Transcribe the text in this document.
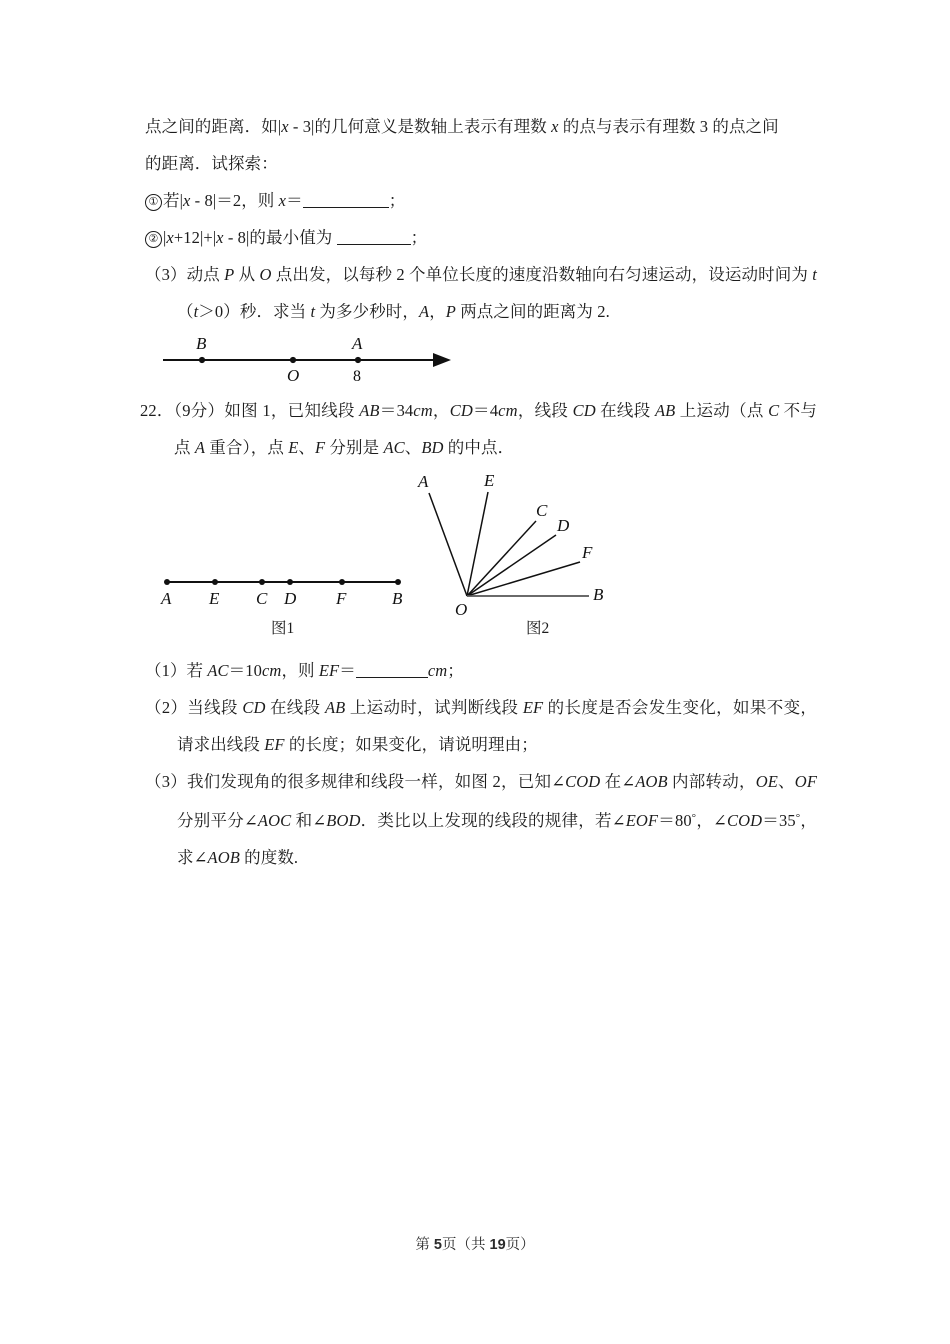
点之间的距离．如|x - 3|的几何意义是数轴上表示有理数 x 的点与表示有理数 3 的点之间

的距离．试探索：

① 若|x - 8|＝2，则 x＝	；

② |x+12|+|x - 8|的最小值为	；

（3）动点 P 从 O 点出发，以每秒 2 个单位长度的速度沿数轴向右匀速运动，设运动时间为 t（t＞0）秒．求当 t 为多少秒时，A，P 两点之间的距离为 2.

B
O
A
8

22．（9分）如图 1，已知线段 AB＝34cm，CD＝4cm，线段 CD 在线段 AB 上运动（点 C 不与点 A 重合），点 E、F 分别是 AC、BD 的中点．

A	E
C
D
F
B
O
A E C D F	B
图1	图2

（1）若 AC＝10cm，则 EF＝	cm；

（2）当线段 CD 在线段 AB 上运动时，试判断线段 EF 的长度是否会发生变化，如果不变，请求出线段 EF 的长度；如果变化，请说明理由；

（3）我们发现角的很多规律和线段一样，如图 2，已知∠COD 在∠AOB 内部转动，OE、OF 分别平分∠AOC 和∠BOD．类比以上发现的线段的规律，若∠EOF＝80°，∠COD＝35°，求∠AOB 的度数.

第 5页（共 19页）
